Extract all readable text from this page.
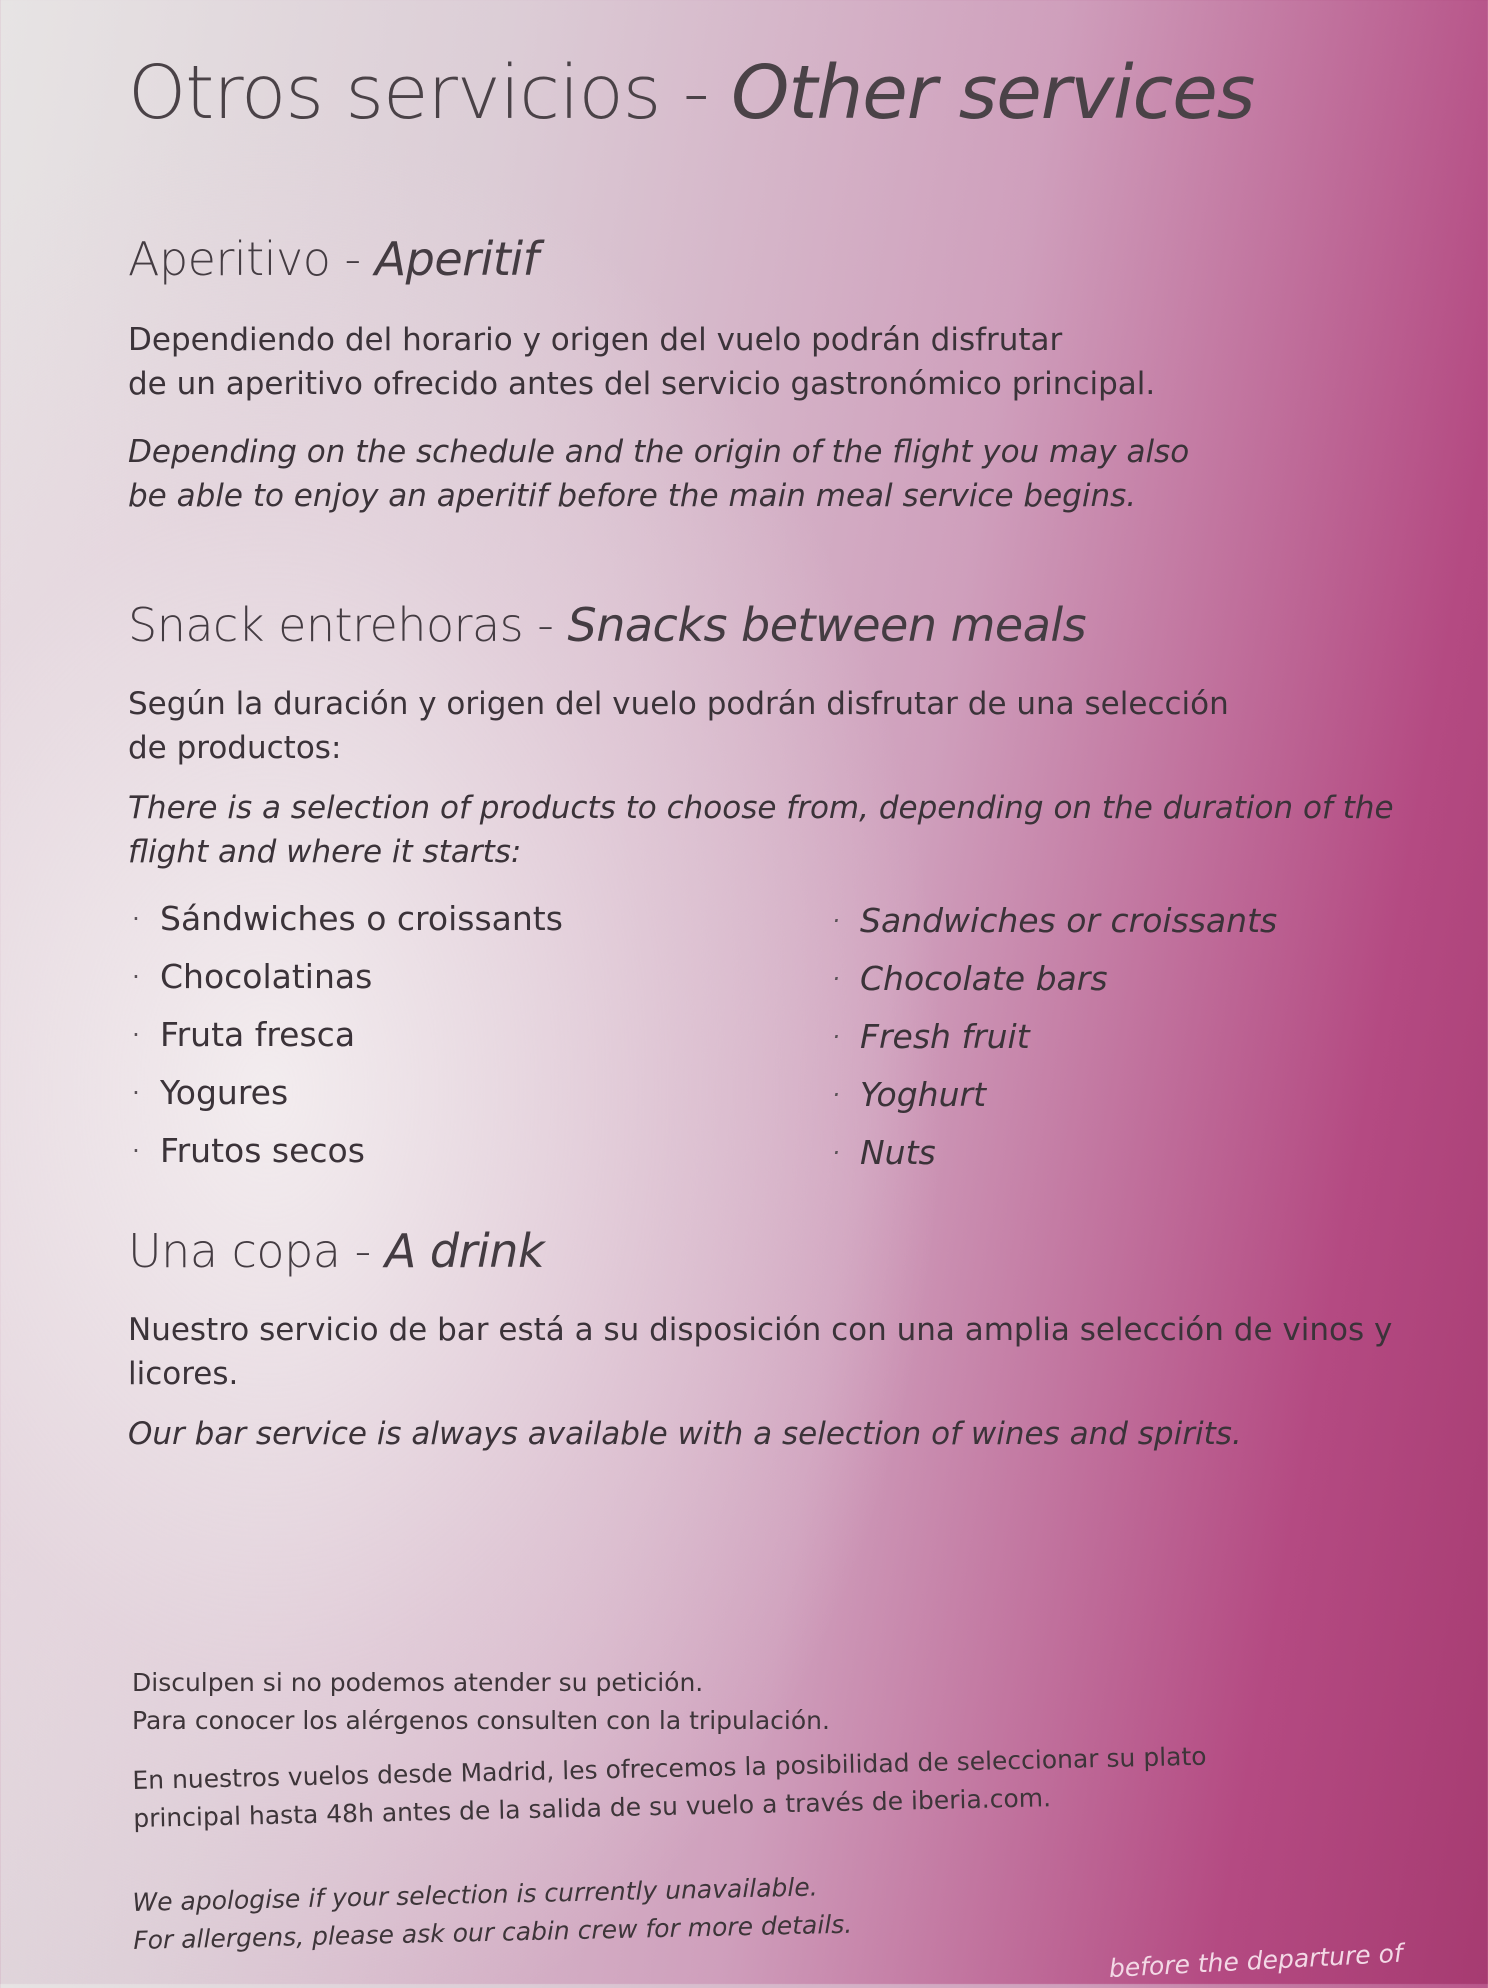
Otros servicios - Other services
Aperitivo - Aperitif

Dependiendo del horario y origen del vuelo podrán disfrutar
de un aperitivo ofrecido antes del servicio gastronómico principal.

Depending on the schedule and the origin of the flight you may also
be able to enjoy an aperitif before the main meal service begins.

Snack entrehoras - Snacks between meals

Según la duración y origen del vuelo podrán disfrutar de una selección
de productos:

There is a selection of products to choose from, depending on the duration of the
flight and where it starts:

· Sándwiches o croissants
· Chocolatinas
· Fruta fresca
· Yogures
· Frutos secos
· Sandwiches or croissants
· Chocolate bars
· Fresh fruit
· Yoghurt
· Nuts
Una copa - A drink

Nuestro servicio de bar está a su disposición con una amplia selección de vinos y
licores.

Our bar service is always available with a selection of wines and spirits.

Disculpen si no podemos atender su petición.
Para conocer los alérgenos consulten con la tripulación.

En nuestros vuelos desde Madrid, les ofrecemos la posibilidad de seleccionar su plato
principal hasta 48h antes de la salida de su vuelo a través de iberia.com.

We apologise if your selection is currently unavailable.
For allergens, please ask our cabin crew for more details.

before the departure of
